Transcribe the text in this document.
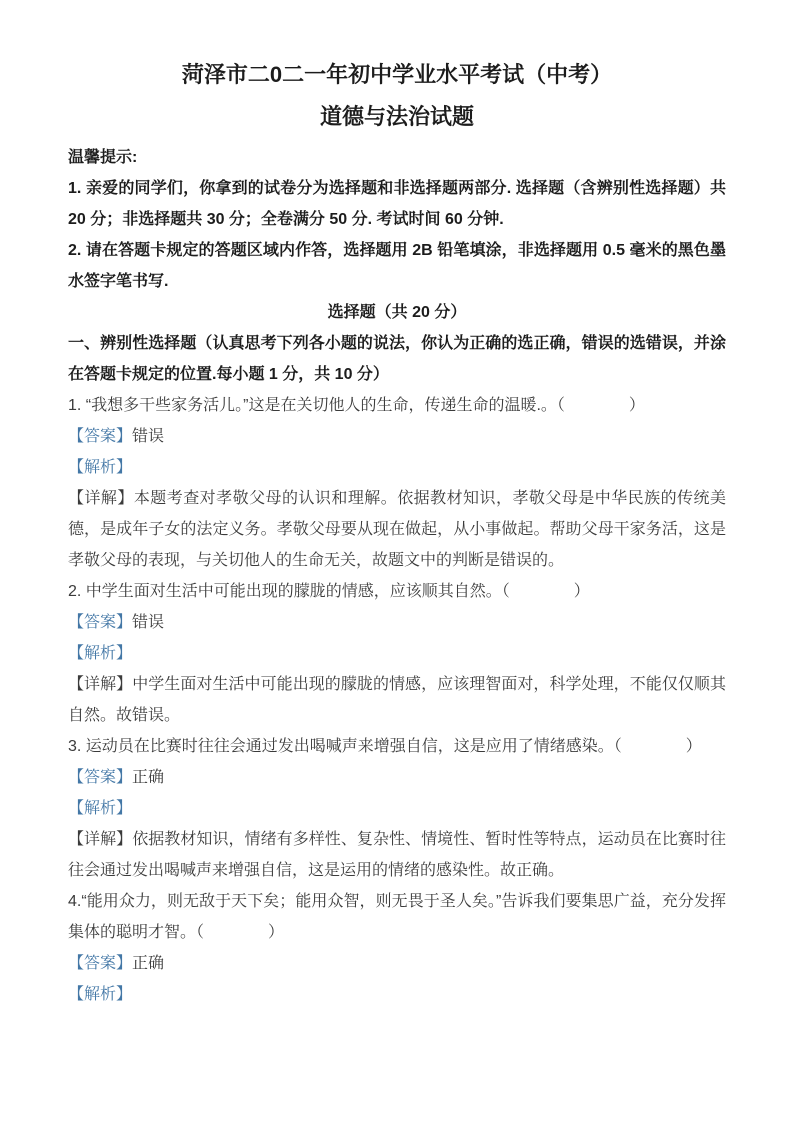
菏泽市二0二一年初中学业水平考试（中考）
道德与法治试题

温馨提示:

1. 亲爱的同学们，你拿到的试卷分为选择题和非选择题两部分. 选择题（含辨别性选择题）共 20 分；非选择题共 30 分；全卷满分 50 分. 考试时间 60 分钟.

2. 请在答题卡规定的答题区域内作答，选择题用 2B 铅笔填涂，非选择题用 0.5 毫米的黑色墨水签字笔书写.

选择题（共 20 分）

一、辨别性选择题（认真思考下列各小题的说法，你认为正确的选正确，错误的选错误，并涂在答题卡规定的位置.每小题 1 分，共 10 分）

1. “我想多干些家务活儿。”这是在关切他人的生命，传递生命的温暖.。（　　　　）

【答案】错误

【解析】

【详解】本题考查对孝敬父母的认识和理解。依据教材知识，孝敬父母是中华民族的传统美德，是成年子女的法定义务。孝敬父母要从现在做起，从小事做起。帮助父母干家务活，这是孝敬父母的表现，与关切他人的生命无关，故题文中的判断是错误的。

2. 中学生面对生活中可能出现的朦胧的情感，应该顺其自然。（　　　　）

【答案】错误

【解析】

【详解】中学生面对生活中可能出现的朦胧的情感，应该理智面对，科学处理，不能仅仅顺其自然。故错误。

3. 运动员在比赛时往往会通过发出喝喊声来增强自信，这是应用了情绪感染。（　　　　）

【答案】正确

【解析】

【详解】依据教材知识，情绪有多样性、复杂性、情境性、暂时性等特点，运动员在比赛时往往会通过发出喝喊声来增强自信，这是运用的情绪的感染性。故正确。

4.“能用众力，则无敌于天下矣；能用众智，则无畏于圣人矣。”告诉我们要集思广益，充分发挥集体的聪明才智。（　　　　）

【答案】正确

【解析】
